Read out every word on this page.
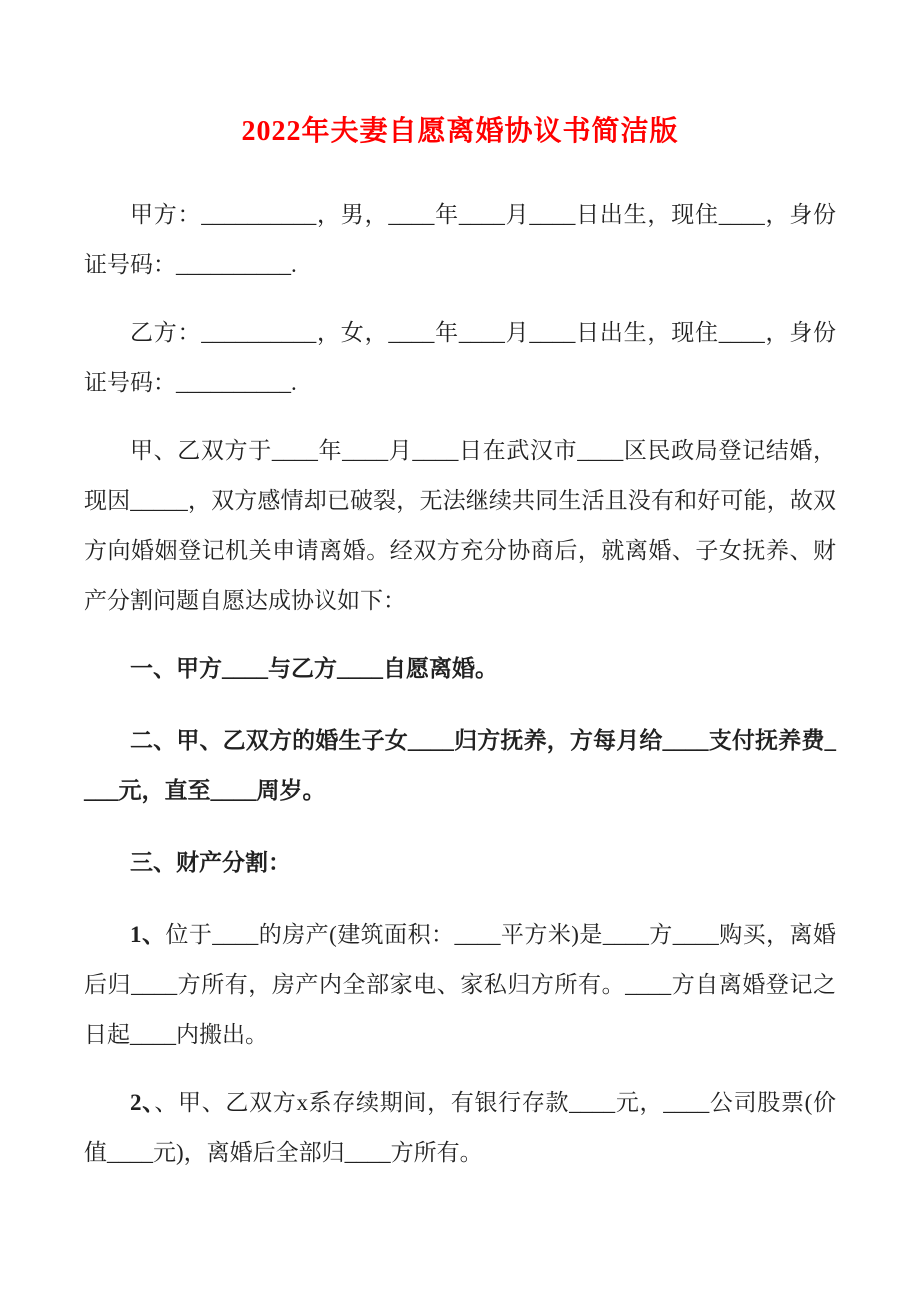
2022年夫妻自愿离婚协议书简洁版

甲方：__________，男，____年____月____日出生，现住____，身份证号码：__________.

乙方：__________，女，____年____月____日出生，现住____，身份证号码：__________.

甲、乙双方于____年____月____日在武汉市____区民政局登记结婚，现因_____，双方感情却已破裂，无法继续共同生活且没有和好可能，故双方向婚姻登记机关申请离婚。经双方充分协商后，就离婚、子女抚养、财产分割问题自愿达成协议如下：

一、甲方____与乙方____自愿离婚。

二、甲、乙双方的婚生子女____归方抚养，方每月给____支付抚养费____元，直至____周岁。

三、财产分割：

1、位于____的房产(建筑面积：____平方米)是____方____购买，离婚后归____方所有，房产内全部家电、家私归方所有。____方自离婚登记之日起____内搬出。

2、、甲、乙双方x系存续期间，有银行存款____元，____公司股票(价值____元)，离婚后全部归____方所有。
